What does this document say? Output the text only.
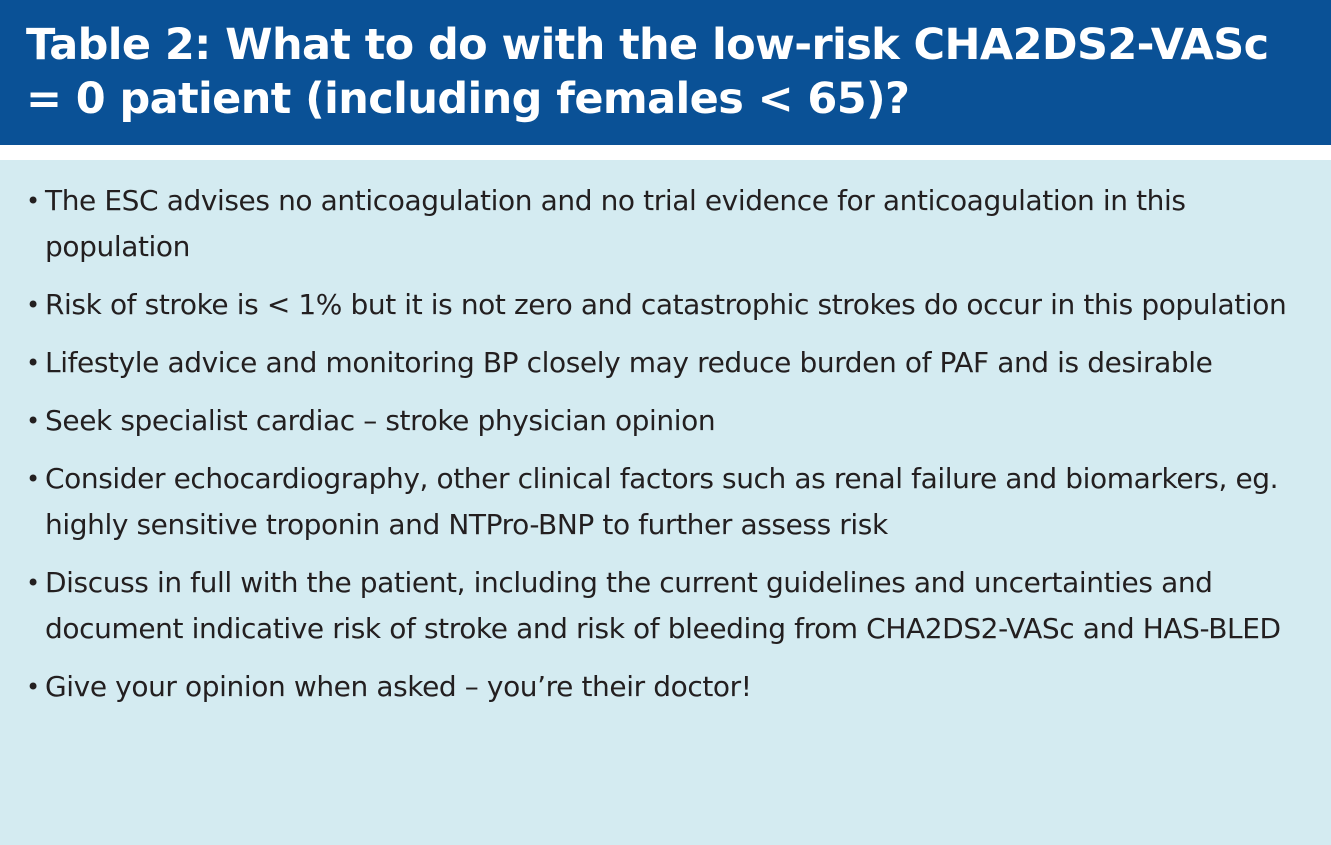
Table 2: What to do with the low-risk CHA2DS2-VASc = 0 patient (including females < 65)?
• The ESC advises no anticoagulation and no trial evidence for anticoagulation in this population
• Risk of stroke is < 1% but it is not zero and catastrophic strokes do occur in this population
• Lifestyle advice and monitoring BP closely may reduce burden of PAF and is desirable
• Seek specialist cardiac – stroke physician opinion
• Consider echocardiography, other clinical factors such as renal failure and biomarkers, eg. highly sensitive troponin and NTPro-BNP to further assess risk
• Discuss in full with the patient, including the current guidelines and uncertainties and document indicative risk of stroke and risk of bleeding from CHA2DS2-VASc and HAS-BLED
• Give your opinion when asked – you’re their doctor!
